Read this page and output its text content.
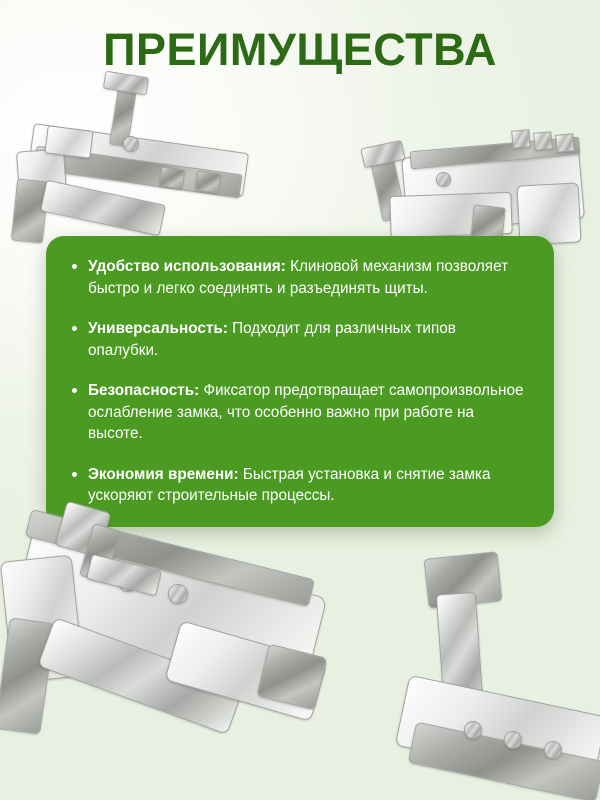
ПРЕИМУЩЕСТВА
Удобство использования: Клиновой механизм позволяет быстро и легко соединять и разъединять щиты.
Универсальность: Подходит для различных типов опалубки.
Безопасность: Фиксатор предотвращает самопроизвольное ослабление замка, что особенно важно при работе на высоте.
Экономия времени: Быстрая установка и снятие замка ускоряют строительные процессы.
